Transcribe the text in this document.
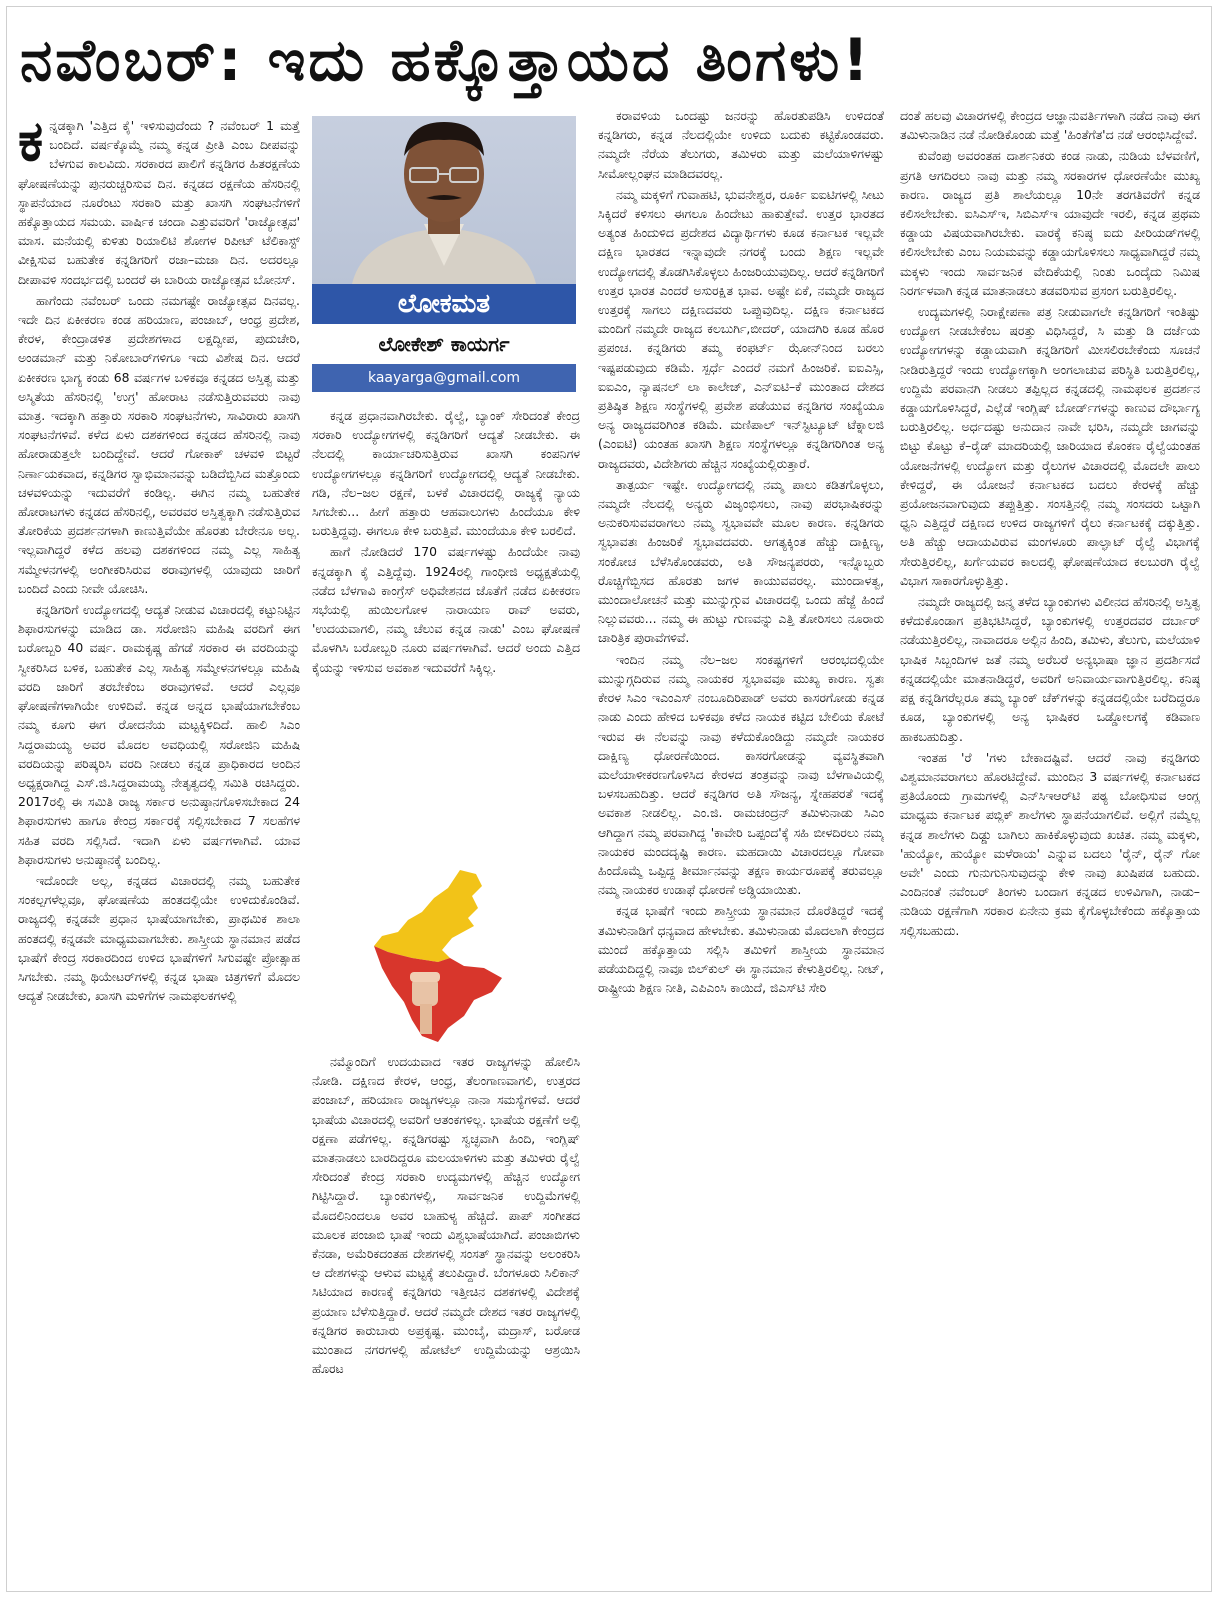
ನವೆಂಬರ್: ಇದು ಹಕ್ಕೊತ್ತಾಯದ ತಿಂಗಳು!

ಕನ್ನಡಕ್ಕಾಗಿ 'ಎತ್ತಿದ ಕೈ' ಇಳಿಸುವುದೆಂದು ? ನವೆಂಬರ್ 1 ಮತ್ತೆ ಬಂದಿದೆ. ವರ್ಷಕ್ಕೊಮ್ಮೆ ನಮ್ಮ ಕನ್ನಡ ಪ್ರೀತಿ ಎಂಬ ದೀಪವನ್ನು ಬೆಳಗುವ ಕಾಲವಿದು. ಸರಕಾರದ ಪಾಲಿಗೆ ಕನ್ನಡಿಗರ ಹಿತರಕ್ಷಣೆಯ ಘೋಷಣೆಯನ್ನು ಪುನರುಚ್ಚರಿಸುವ ದಿನ. ಕನ್ನಡದ ರಕ್ಷಣೆಯ ಹೆಸರಿನಲ್ಲಿ ಸ್ಥಾಪನೆಯಾದ ನೂರೆಂಟು ಸರಕಾರಿ ಮತ್ತು ಖಾಸಗಿ ಸಂಘಟನೆಗಳಿಗೆ ಹಕ್ಕೊತ್ತಾಯದ ಸಮಯ. ವಾರ್ಷಿಕ ಚಂದಾ ಎತ್ತುವವರಿಗೆ 'ರಾಜ್ಯೋತ್ಸವ' ಮಾಸ. ಮನೆಯಲ್ಲಿ ಕುಳಿತು ರಿಯಾಲಿಟಿ ಶೋಗಳ ರಿಪೀಟ್ ಟೆಲಿಕಾಸ್ಟ್ ವೀಕ್ಷಿಸುವ ಬಹುತೇಕ ಕನ್ನಡಿಗರಿಗೆ ರಜಾ–ಮಜಾ ದಿನ. ಅದರಲ್ಲೂ ದೀಪಾವಳಿ ಸಂದರ್ಭದಲ್ಲಿ ಬಂದರೆ ಈ ಬಾರಿಯ ರಾಜ್ಯೋತ್ಸವ ಬೋನಸ್.

ಹಾಗೆಂದು ನವೆಂಬರ್ ಒಂದು ನಮಗಷ್ಟೇ ರಾಜ್ಯೋತ್ಸವ ದಿನವಲ್ಲ. ಇದೇ ದಿನ ಏಕೀಕರಣ ಕಂಡ ಹರಿಯಾಣ, ಪಂಜಾಬ್, ಆಂಧ್ರ ಪ್ರದೇಶ, ಕೇರಳ, ಕೇಂದ್ರಾಡಳಿತ ಪ್ರದೇಶಗಳಾದ ಲಕ್ಷದ್ವೀಪ, ಪುದುಚೇರಿ, ಅಂಡಮಾನ್ ಮತ್ತು ನಿಕೋಬಾರ್‌ಗಳಿಗೂ ಇದು ವಿಶೇಷ ದಿನ. ಆದರೆ ಏಕೀಕರಣ ಭಾಗ್ಯ ಕಂಡು 68 ವರ್ಷಗಳ ಬಳಿಕವೂ ಕನ್ನಡದ ಅಸ್ತಿತ್ವ ಮತ್ತು ಅಸ್ಮಿತೆಯ ಹೆಸರಿನಲ್ಲಿ 'ಉಗ್ರ' ಹೋರಾಟ ನಡೆಸುತ್ತಿರುವವರು ನಾವು ಮಾತ್ರ. ಇದಕ್ಕಾಗಿ ಹತ್ತಾರು ಸರಕಾರಿ ಸಂಘಟನೆಗಳು, ಸಾವಿರಾರು ಖಾಸಗಿ ಸಂಘಟನೆಗಳಿವೆ. ಕಳೆದ ಏಳು ದಶಕಗಳಿಂದ ಕನ್ನಡದ ಹೆಸರಿನಲ್ಲಿ ನಾವು ಹೋರಾಡುತ್ತಲೇ ಬಂದಿದ್ದೇವೆ. ಆದರೆ ಗೋಕಾಕ್ ಚಳವಳಿ ಬಿಟ್ಟರೆ ನಿರ್ಣಾಯಕವಾದ, ಕನ್ನಡಿಗರ ಸ್ವಾಭಿಮಾನವನ್ನು ಬಡಿದೆಬ್ಬಿಸಿದ ಮತ್ತೊಂದು ಚಳವಳಿಯನ್ನು ಇದುವರೆಗೆ ಕಂಡಿಲ್ಲ. ಈಗಿನ ನಮ್ಮ ಬಹುತೇಕ ಹೋರಾಟಗಳು ಕನ್ನಡದ ಹೆಸರಿನಲ್ಲಿ, ಅವರವರ ಅಸ್ತಿತ್ವಕ್ಕಾಗಿ ನಡೆಸುತ್ತಿರುವ ತೋರಿಕೆಯ ಪ್ರದರ್ಶನಗಳಾಗಿ ಕಾಣುತ್ತಿವೆಯೇ ಹೊರತು ಬೇರೇನೂ ಅಲ್ಲ. ಇಲ್ಲವಾಗಿದ್ದರೆ ಕಳೆದ ಹಲವು ದಶಕಗಳಿಂದ ನಮ್ಮ ಎಲ್ಲ ಸಾಹಿತ್ಯ ಸಮ್ಮೇಳನಗಳಲ್ಲಿ ಅಂಗೀಕರಿಸಿರುವ ಠರಾವುಗಳಲ್ಲಿ ಯಾವುದು ಜಾರಿಗೆ ಬಂದಿದೆ ಎಂದು ನೀವೇ ಯೋಚಿಸಿ.

ಕನ್ನಡಿಗರಿಗೆ ಉದ್ಯೋಗದಲ್ಲಿ ಆದ್ಯತೆ ನೀಡುವ ವಿಚಾರದಲ್ಲಿ ಕಟ್ಟುನಿಟ್ಟಿನ ಶಿಫಾರಸುಗಳನ್ನು ಮಾಡಿದ ಡಾ. ಸರೋಜಿನಿ ಮಹಿಷಿ ವರದಿಗೆ ಈಗ ಬರೋಬ್ಬರಿ 40 ವರ್ಷ. ರಾಮಕೃಷ್ಣ ಹೆಗಡೆ ಸರಕಾರ ಈ ವರದಿಯನ್ನು ಸ್ವೀಕರಿಸಿದ ಬಳಿಕ, ಬಹುತೇಕ ಎಲ್ಲ ಸಾಹಿತ್ಯ ಸಮ್ಮೇಳನಗಳಲ್ಲೂ ಮಹಿಷಿ ವರದಿ ಜಾರಿಗೆ ತರಬೇಕೆಂಬ ಠರಾವುಗಳಿವೆ. ಆದರೆ ಎಲ್ಲವೂ ಘೋಷಣೆಗಳಾಗಿಯೇ ಉಳಿದಿವೆ. ಕನ್ನಡ ಅನ್ನದ ಭಾಷೆಯಾಗಬೇಕೆಂಬ ನಮ್ಮ ಕೂಗು ಈಗ ರೋದನೆಯ ಮಟ್ಟಕ್ಕಿಳಿದಿದೆ. ಹಾಲಿ ಸಿಎಂ ಸಿದ್ದರಾಮಯ್ಯ ಅವರ ಮೊದಲ ಅವಧಿಯಲ್ಲಿ ಸರೋಜಿನಿ ಮಹಿಷಿ ವರದಿಯನ್ನು ಪರಿಷ್ಕರಿಸಿ ವರದಿ ನೀಡಲು ಕನ್ನಡ ಪ್ರಾಧಿಕಾರದ ಅಂದಿನ ಅಧ್ಯಕ್ಷರಾಗಿದ್ದ ಎಸ್.ಜಿ.ಸಿದ್ದರಾಮಯ್ಯ ನೇತೃತ್ವದಲ್ಲಿ ಸಮಿತಿ ರಚಿಸಿದ್ದರು. 2017ರಲ್ಲಿ ಈ ಸಮಿತಿ ರಾಜ್ಯ ಸರ್ಕಾರ ಅನುಷ್ಠಾನಗೊಳಿಸಬೇಕಾದ 24 ಶಿಫಾರಸುಗಳು ಹಾಗೂ ಕೇಂದ್ರ ಸರ್ಕಾರಕ್ಕೆ ಸಲ್ಲಿಸಬೇಕಾದ 7 ಸಲಹೆಗಳ ಸಹಿತ ವರದಿ ಸಲ್ಲಿಸಿದೆ. ಇದಾಗಿ ಏಳು ವರ್ಷಗಳಾಗಿವೆ. ಯಾವ ಶಿಫಾರಸುಗಳು ಅನುಷ್ಠಾನಕ್ಕೆ ಬಂದಿಲ್ಲ.

ಇದೊಂದೇ ಅಲ್ಲ, ಕನ್ನಡದ ವಿಚಾರದಲ್ಲಿ ನಮ್ಮ ಬಹುತೇಕ ಸಂಕಲ್ಪಗಳೆಲ್ಲವೂ, ಘೋಷಣೆಯ ಹಂತದಲ್ಲಿಯೇ ಉಳಿದುಕೊಂಡಿವೆ. ರಾಜ್ಯದಲ್ಲಿ ಕನ್ನಡವೇ ಪ್ರಧಾನ ಭಾಷೆಯಾಗಬೇಕು, ಪ್ರಾಥಮಿಕ ಶಾಲಾ ಹಂತದಲ್ಲಿ ಕನ್ನಡವೇ ಮಾಧ್ಯಮವಾಗಬೇಕು. ಶಾಸ್ತ್ರೀಯ ಸ್ಥಾನಮಾನ ಪಡೆದ ಭಾಷೆಗೆ ಕೇಂದ್ರ ಸರಕಾರದಿಂದ ಉಳಿದ ಭಾಷೆಗಳಿಗೆ ಸಿಗುವಷ್ಟೇ ಪ್ರೋತ್ಸಾಹ ಸಿಗಬೇಕು. ನಮ್ಮ ಥಿಯೇಟರ್‌ಗಳಲ್ಲಿ ಕನ್ನಡ ಭಾಷಾ ಚಿತ್ರಗಳಿಗೆ ಮೊದಲ ಆದ್ಯತೆ ನೀಡಬೇಕು, ಖಾಸಗಿ ಮಳಿಗೆಗಳ ನಾಮಫಲಕಗಳಲ್ಲಿ

ಲೋಕಮತ
ಲೋಕೇಶ್ ಕಾಯರ್ಗ
kaayarga@gmail.com

ಕನ್ನಡ ಪ್ರಧಾನವಾಗಿರಬೇಕು. ರೈಲ್ವೆ, ಬ್ಯಾಂಕ್ ಸೇರಿದಂತೆ ಕೇಂದ್ರ ಸರಕಾರಿ ಉದ್ಯೋಗಗಳಲ್ಲಿ ಕನ್ನಡಿಗರಿಗೆ ಆದ್ಯತೆ ನೀಡಬೇಕು. ಈ ನೆಲದಲ್ಲಿ ಕಾರ್ಯಾಚರಿಸುತ್ತಿರುವ ಖಾಸಗಿ ಕಂಪನಿಗಳ ಉದ್ಯೋಗಗಳಲ್ಲೂ ಕನ್ನಡಿಗರಿಗೆ ಉದ್ಯೋಗದಲ್ಲಿ ಆದ್ಯತೆ ನೀಡಬೇಕು. ಗಡಿ, ನೆಲ–ಜಲ ರಕ್ಷಣೆ, ಬಳಕೆ ವಿಚಾರದಲ್ಲಿ ರಾಜ್ಯಕ್ಕೆ ನ್ಯಾಯ ಸಿಗಬೇಕು... ಹೀಗೆ ಹತ್ತಾರು ಆಹವಾಲುಗಳು ಹಿಂದೆಯೂ ಕೇಳಿ ಬರುತ್ತಿದ್ದವು. ಈಗಲೂ ಕೇಳಿ ಬರುತ್ತಿವೆ. ಮುಂದೆಯೂ ಕೇಳಿ ಬರಲಿದೆ.

ಹಾಗೆ ನೋಡಿದರೆ 170 ವರ್ಷಗಳಷ್ಟು ಹಿಂದೆಯೇ ನಾವು ಕನ್ನಡಕ್ಕಾಗಿ ಕೈ ಎತ್ತಿದ್ದೆವು. 1924ರಲ್ಲಿ ಗಾಂಧೀಜಿ ಅಧ್ಯಕ್ಷತೆಯಲ್ಲಿ ನಡೆದ ಬೆಳಗಾವಿ ಕಾಂಗ್ರೆಸ್ ಅಧಿವೇಶನದ ಜೊತೆಗೆ ನಡೆದ ಏಕೀಕರಣ ಸಭೆಯಲ್ಲಿ ಹುಯಿಲಗೋಳ ನಾರಾಯಣ ರಾವ್ ಅವರು, 'ಉದಯವಾಗಲಿ, ನಮ್ಮ ಚೆಲುವ ಕನ್ನಡ ನಾಡು' ಎಂಬ ಘೋಷಣೆ ಮೊಳಗಿಸಿ ಬರೋಬ್ಬರಿ ನೂರು ವರ್ಷಗಳಾಗಿವೆ. ಆದರೆ ಅಂದು ಎತ್ತಿದ ಕೈಯನ್ನು ಇಳಿಸುವ ಅವಕಾಶ ಇದುವರೆಗೆ ಸಿಕ್ಕಿಲ್ಲ.

ನಮ್ಮೊಂದಿಗೆ ಉದಯವಾದ ಇತರ ರಾಜ್ಯಗಳನ್ನು ಹೋಲಿಸಿ ನೋಡಿ. ದಕ್ಷಿಣದ ಕೇರಳ, ಆಂಧ್ರ, ತೆಲಂಗಾಣವಾಗಲಿ, ಉತ್ತರದ ಪಂಜಾಬ್, ಹರಿಯಾಣ ರಾಜ್ಯಗಳಲ್ಲೂ ನಾನಾ ಸಮಸ್ಯೆಗಳಿವೆ. ಆದರೆ ಭಾಷೆಯ ವಿಚಾರದಲ್ಲಿ ಅವರಿಗೆ ಆತಂಕಗಳಿಲ್ಲ. ಭಾಷೆಯ ರಕ್ಷಣೆಗೆ ಅಲ್ಲಿ ರಕ್ಷಣಾ ಪಡೆಗಳಿಲ್ಲ. ಕನ್ನಡಿಗರಷ್ಟು ಸ್ವಚ್ಛವಾಗಿ ಹಿಂದಿ, ಇಂಗ್ಲಿಷ್ ಮಾತನಾಡಲು ಬಾರದಿದ್ದರೂ ಮಲಯಾಳಿಗಳು ಮತ್ತು ತಮಿಳರು ರೈಲ್ವೆ ಸೇರಿದಂತೆ ಕೇಂದ್ರ ಸರಕಾರಿ ಉದ್ಯಮಗಳಲ್ಲಿ ಹೆಚ್ಚಿನ ಉದ್ಯೋಗ ಗಿಟ್ಟಿಸಿದ್ದಾರೆ. ಬ್ಯಾಂಕುಗಳಲ್ಲಿ, ಸಾರ್ವಜನಿಕ ಉದ್ದಿಮೆಗಳಲ್ಲಿ ಮೊದಲಿನಿಂದಲೂ ಅವರ ಬಾಹುಳ್ಯ ಹೆಚ್ಚಿದೆ. ಪಾಪ್ ಸಂಗೀತದ ಮೂಲಕ ಪಂಜಾಬಿ ಭಾಷೆ ಇಂದು ವಿಶ್ವಭಾಷೆಯಾಗಿದೆ. ಪಂಜಾಬಿಗಳು ಕೆನಡಾ, ಅಮೆರಿಕದಂತಹ ದೇಶಗಳಲ್ಲಿ ಸಂಸತ್ ಸ್ಥಾನವನ್ನು ಅಲಂಕರಿಸಿ ಆ ದೇಶಗಳನ್ನು ಆಳುವ ಮಟ್ಟಕ್ಕೆ ತಲುಪಿದ್ದಾರೆ. ಬೆಂಗಳೂರು ಸಿಲಿಕಾನ್ ಸಿಟಿಯಾದ ಕಾರಣಕ್ಕೆ ಕನ್ನಡಿಗರು ಇತ್ತೀಚಿನ ದಶಕಗಳಲ್ಲಿ ವಿದೇಶಕ್ಕೆ ಪ್ರಯಾಣ ಬೆಳೆಸುತ್ತಿದ್ದಾರೆ. ಆದರೆ ನಮ್ಮದೇ ದೇಶದ ಇತರ ರಾಜ್ಯಗಳಲ್ಲಿ ಕನ್ನಡಿಗರ ಕಾರುಬಾರು ಅಪ್ರಕೃಷ್ಟ. ಮುಂಬೈ, ಮದ್ರಾಸ್, ಬರೋಡ ಮುಂತಾದ ನಗರಗಳಲ್ಲಿ ಹೋಟೆಲ್ ಉದ್ದಿಮೆಯನ್ನು ಆಶ್ರಯಿಸಿ ಹೊರಟ

ಕರಾವಳಿಯ ಒಂದಷ್ಟು ಜನರನ್ನು ಹೊರತುಪಡಿಸಿ ಉಳಿದಂತೆ ಕನ್ನಡಿಗರು, ಕನ್ನಡ ನೆಲದಲ್ಲಿಯೇ ಉಳಿದು ಬದುಕು ಕಟ್ಟಿಕೊಂಡವರು. ನಮ್ಮದೇ ನೆರೆಯ ತೆಲುಗರು, ತಮಿಳರು ಮತ್ತು ಮಲೆಯಾಳಿಗಳಷ್ಟು ಸೀಮೋಲ್ಲಂಘನ ಮಾಡಿದವರಲ್ಲ.

ನಮ್ಮ ಮಕ್ಕಳಿಗೆ ಗುವಾಹಟಿ, ಭುವನೇಶ್ವರ, ರೂರ್ಕಿ ಐಐಟಿಗಳಲ್ಲಿ ಸೀಟು ಸಿಕ್ಕಿದರೆ ಕಳಿಸಲು ಈಗಲೂ ಹಿಂದೇಟು ಹಾಕುತ್ತೇವೆ. ಉತ್ತರ ಭಾರತದ ಅತ್ಯಂತ ಹಿಂದುಳಿದ ಪ್ರದೇಶದ ವಿದ್ಯಾರ್ಥಿಗಳು ಕೂಡ ಕರ್ನಾಟಕ ಇಲ್ಲವೇ ದಕ್ಷಿಣ ಭಾರತದ ಇನ್ನಾವುದೇ ನಗರಕ್ಕೆ ಬಂದು ಶಿಕ್ಷಣ ಇಲ್ಲವೇ ಉದ್ಯೋಗದಲ್ಲಿ ತೊಡಗಿಸಿಕೊಳ್ಳಲು ಹಿಂಜರಿಯುವುದಿಲ್ಲ. ಆದರೆ ಕನ್ನಡಿಗರಿಗೆ ಉತ್ತರ ಭಾರತ ಎಂದರೆ ಅಸುರಕ್ಷಿತ ಭಾವ. ಅಷ್ಟೇ ಏಕೆ, ನಮ್ಮದೇ ರಾಜ್ಯದ ಉತ್ತರಕ್ಕೆ ಸಾಗಲು ದಕ್ಷಿಣದವರು ಒಪ್ಪುವುದಿಲ್ಲ. ದಕ್ಷಿಣ ಕರ್ನಾಟಕದ ಮಂದಿಗೆ ನಮ್ಮದೇ ರಾಜ್ಯದ ಕಲಬುರ್ಗಿ,ಬೀದರ್, ಯಾದಗಿರಿ ಕೂಡ ಹೊರ ಪ್ರಪಂಚ. ಕನ್ನಡಿಗರು ತಮ್ಮ ಕಂಫರ್ಟ್ ಝೋನ್‌ನಿಂದ ಬರಲು ಇಷ್ಟಪಡುವುದು ಕಡಿಮೆ. ಸ್ಪರ್ಧೆ ಎಂದರೆ ನಮಗೆ ಹಿಂಜರಿಕೆ. ಐಐಎಸ್ಸಿ, ಐಐಎಂ, ನ್ಯಾಷನಲ್ ಲಾ ಕಾಲೇಜ್, ಎನ್‌ಐಟಿ–ಕೆ ಮುಂತಾದ ದೇಶದ ಪ್ರತಿಷ್ಠಿತ ಶಿಕ್ಷಣ ಸಂಸ್ಥೆಗಳಲ್ಲಿ ಪ್ರವೇಶ ಪಡೆಯುವ ಕನ್ನಡಿಗರ ಸಂಖ್ಯೆಯೂ ಅನ್ಯ ರಾಜ್ಯದವರಿಗಿಂತ ಕಡಿಮೆ. ಮಣಿಪಾಲ್ ಇನ್‌ಸ್ಟಿಟ್ಯೂಟ್ ಟೆಕ್ನಾಲಜಿ (ಎಂಐಟಿ) ಯಂತಹ ಖಾಸಗಿ ಶಿಕ್ಷಣ ಸಂಸ್ಥೆಗಳಲ್ಲೂ ಕನ್ನಡಿಗರಿಗಿಂತ ಅನ್ಯ ರಾಜ್ಯದವರು, ವಿದೇಶಿಗರು ಹೆಚ್ಚಿನ ಸಂಖ್ಯೆಯಲ್ಲಿರುತ್ತಾರೆ.

ತಾತ್ಪರ್ಯ ಇಷ್ಟೇ. ಉದ್ಯೋಗದಲ್ಲಿ ನಮ್ಮ ಪಾಲು ಕಡಿತಗೊಳ್ಳಲು, ನಮ್ಮದೇ ನೆಲದಲ್ಲಿ ಅನ್ಯರು ವಿಜೃಂಭಿಸಲು, ನಾವು ಪರಭಾಷಿಕರನ್ನು ಅನುಕರಿಸುವವರಾಗಲು ನಮ್ಮ ಸ್ವಭಾವವೇ ಮೂಲ ಕಾರಣ. ಕನ್ನಡಿಗರು ಸ್ವಭಾವತಃ ಹಿಂಜರಿಕೆ ಸ್ವಭಾವದವರು. ಆಗತ್ಯಕ್ಕಿಂತ ಹೆಚ್ಚು ದಾಕ್ಷಿಣ್ಯ, ಸಂಕೋಚ ಬೆಳೆಸಿಕೊಂಡವರು, ಅತಿ ಸೌಜನ್ಯಪರರು, ಇನ್ನೊಬ್ಬರು ರೊಚ್ಚಿಗೆಬ್ಬಿಸದ ಹೊರತು ಜಗಳ ಕಾಯುವವರಲ್ಲ. ಮುಂದಾಳತ್ವ, ಮುಂದಾಲೋಚನೆ ಮತ್ತು ಮುನ್ನುಗ್ಗುವ ವಿಚಾರದಲ್ಲಿ ಒಂದು ಹೆಜ್ಜೆ ಹಿಂದೆ ನಿಲ್ಲುವವರು... ನಮ್ಮ ಈ ಹುಟ್ಟು ಗುಣವನ್ನು ಎತ್ತಿ ತೋರಿಸಲು ನೂರಾರು ಚಾರಿತ್ರಿಕ ಪುರಾವೆಗಳಿವೆ.

ಇಂದಿನ ನಮ್ಮ ನೆಲ–ಜಲ ಸಂಕಷ್ಟಗಳಿಗೆ ಆರಂಭದಲ್ಲಿಯೇ ಮುನ್ನುಗ್ಗದಿರುವ ನಮ್ಮ ನಾಯಕರ ಸ್ವಭಾವವೂ ಮುಖ್ಯ ಕಾರಣ. ಸ್ವತಃ ಕೇರಳ ಸಿಎಂ ಇಎಂಎಸ್ ನಂಬೂದಿರಿಪಾಡ್ ಅವರು ಕಾಸರಗೋಡು ಕನ್ನಡ ನಾಡು ಎಂದು ಹೇಳಿದ ಬಳಿಕವೂ ಕಳೆದ ನಾಯಕ ಕಟ್ಟಿದ ಬೇಲಿಯ ಕೋಟೆ ಇರುವ ಈ ನೆಲವನ್ನು ನಾವು ಕಳೆದುಕೊಂಡಿದ್ದು ನಮ್ಮದೇ ನಾಯಕರ ದಾಕ್ಷಿಣ್ಯ ಧೋರಣೆಯಿಂದ. ಕಾಸರಗೋಡನ್ನು ವ್ಯವಸ್ಥಿತವಾಗಿ ಮಲೆಯಾಳೀಕರಣಗೊಳಿಸಿದ ಕೇರಳದ ತಂತ್ರವನ್ನು ನಾವು ಬೆಳಗಾವಿಯಲ್ಲಿ ಬಳಸಬಹುದಿತ್ತು. ಆದರೆ ಕನ್ನಡಿಗರ ಅತಿ ಸೌಜನ್ಯ, ಸ್ನೇಹಪರತೆ ಇದಕ್ಕೆ ಅವಕಾಶ ನೀಡಲಿಲ್ಲ. ಎಂ.ಜಿ. ರಾಮಚಂದ್ರನ್ ತಮಿಳುನಾಡು ಸಿಎಂ ಆಗಿದ್ದಾಗ ನಮ್ಮ ಪರವಾಗಿದ್ದ 'ಕಾವೇರಿ ಒಪ್ಪಂದ'ಕ್ಕೆ ಸಹಿ ಬೀಳದಿರಲು ನಮ್ಮ ನಾಯಕರ ಮಂದದೃಷ್ಟಿ ಕಾರಣ. ಮಹದಾಯಿ ವಿಚಾರದಲ್ಲೂ ಗೋವಾ ಹಿಂದೊಮ್ಮೆ ಒಪ್ಪಿದ್ದ ತೀರ್ಮಾನವನ್ನು ತಕ್ಷಣ ಕಾರ್ಯರೂಪಕ್ಕೆ ತರುವಲ್ಲೂ ನಮ್ಮ ನಾಯಕರ ಉಡಾಫೆ ಧೋರಣೆ ಅಡ್ಡಿಯಾಯಿತು.

ಕನ್ನಡ ಭಾಷೆಗೆ ಇಂದು ಶಾಸ್ತ್ರೀಯ ಸ್ಥಾನಮಾನ ದೊರೆತಿದ್ದರೆ ಇದಕ್ಕೆ ತಮಿಳುನಾಡಿಗೆ ಧನ್ಯವಾದ ಹೇಳಬೇಕು. ತಮಿಳುನಾಡು ಮೊದಲಾಗಿ ಕೇಂದ್ರದ ಮುಂದೆ ಹಕ್ಕೊತ್ತಾಯ ಸಲ್ಲಿಸಿ ತಮಿಳಿಗೆ ಶಾಸ್ತ್ರೀಯ ಸ್ಥಾನಮಾನ ಪಡೆಯದಿದ್ದಲ್ಲಿ ನಾವೂ ಬಿಲ್‌ಕುಲ್ ಈ ಸ್ಥಾನಮಾನ ಕೇಳುತ್ತಿರಲಿಲ್ಲ. ನೀಟ್, ರಾಷ್ಟ್ರೀಯ ಶಿಕ್ಷಣ ನೀತಿ, ಎಪಿಎಂಸಿ ಕಾಯಿದೆ, ಜಿಎಸ್‌ಟಿ ಸೇರಿ

ದಂತೆ ಹಲವು ವಿಚಾರಗಳಲ್ಲಿ ಕೇಂದ್ರದ ಆಜ್ಞಾನುವರ್ತಿಗಳಾಗಿ ನಡೆದ ನಾವು ಈಗ ತಮಿಳುನಾಡಿನ ನಡೆ ನೋಡಿಕೊಂಡು ಮತ್ತೆ 'ಹಿಂತೆಗೆತ'ದ ನಡೆ ಆರಂಭಿಸಿದ್ದೇವೆ.

ಕುವೆಂಪು ಅವರಂತಹ ದಾರ್ಶನಿಕರು ಕಂಡ ನಾಡು, ನುಡಿಯ ಬೆಳವಣಿಗೆ, ಪ್ರಗತಿ ಆಗದಿರಲು ನಾವು ಮತ್ತು ನಮ್ಮ ಸರಕಾರಗಳ ಧೋರಣೆಯೇ ಮುಖ್ಯ ಕಾರಣ. ರಾಜ್ಯದ ಪ್ರತಿ ಶಾಲೆಯಲ್ಲೂ 10ನೇ ತರಗತಿವರೆಗೆ ಕನ್ನಡ ಕಲಿಸಲೇಬೇಕು. ಐಸಿಎಸ್‌ಇ, ಸಿಬಿಎಸ್‌ಇ ಯಾವುದೇ ಇರಲಿ, ಕನ್ನಡ ಪ್ರಥಮ ಕಡ್ಡಾಯ ವಿಷಯವಾಗಿರಬೇಕು. ವಾರಕ್ಕೆ ಕನಿಷ್ಠ ಐದು ಪೀರಿಯಡ್‌ಗಳಲ್ಲಿ ಕಲಿಸಲೇಬೇಕು ಎಂಬ ನಿಯಮವನ್ನು ಕಡ್ಡಾಯಗೊಳಿಸಲು ಸಾಧ್ಯವಾಗಿದ್ದರೆ ನಮ್ಮ ಮಕ್ಕಳು ಇಂದು ಸಾರ್ವಜನಿಕ ವೇದಿಕೆಯಲ್ಲಿ ನಿಂತು ಒಂದೈದು ನಿಮಿಷ ನಿರರ್ಗಳವಾಗಿ ಕನ್ನಡ ಮಾತನಾಡಲು ತಡವರಿಸುವ ಪ್ರಸಂಗ ಬರುತ್ತಿರಲಿಲ್ಲ.

ಉದ್ಯಮಗಳಲ್ಲಿ ನಿರಾಕ್ಷೇಪಣಾ ಪತ್ರ ನೀಡುವಾಗಲೇ ಕನ್ನಡಿಗರಿಗೆ ಇಂತಿಷ್ಟು ಉದ್ಯೋಗ ನೀಡಬೇಕೆಂಬ ಷರತ್ತು ವಿಧಿಸಿದ್ದರೆ, ಸಿ ಮತ್ತು ಡಿ ದರ್ಜೆಯ ಉದ್ಯೋಗಗಳನ್ನು ಕಡ್ಡಾಯವಾಗಿ ಕನ್ನಡಿಗರಿಗೆ ಮೀಸಲಿರಬೇಕೆಂದು ಸೂಚನೆ ನೀಡಿರುತ್ತಿದ್ದರೆ ಇಂದು ಉದ್ಯೋಗಕ್ಕಾಗಿ ಅಂಗಲಾಚುವ ಪರಿಸ್ಥಿತಿ ಬರುತ್ತಿರಲಿಲ್ಲ, ಉದ್ದಿಮೆ ಪರವಾನಗಿ ನೀಡಲು ತಪ್ಪಿಲ್ಲದ ಕನ್ನಡದಲ್ಲಿ ನಾಮಫಲಕ ಪ್ರದರ್ಶನ ಕಡ್ಡಾಯಗೊಳಿಸಿದ್ದರೆ, ಎಲ್ಲೆಡೆ ಇಂಗ್ಲಿಷ್ ಬೋರ್ಡ್‌ಗಳನ್ನು ಕಾಣುವ ದೌರ್ಭಾಗ್ಯ ಬರುತ್ತಿರಲಿಲ್ಲ. ಅರ್ಧದಷ್ಟು ಅನುದಾನ ನಾವೇ ಭರಿಸಿ, ನಮ್ಮದೇ ಜಾಗವನ್ನು ಬಿಟ್ಟು ಕೊಟ್ಟು ಕೆ–ರೈಡ್ ಮಾದರಿಯಲ್ಲಿ ಜಾರಿಯಾದ ಕೊಂಕಣ ರೈಲ್ವೆಯಂತಹ ಯೋಜನೆಗಳಲ್ಲಿ ಉದ್ಯೋಗ ಮತ್ತು ರೈಲುಗಳ ವಿಚಾರದಲ್ಲಿ ಮೊದಲೇ ಪಾಲು ಕೇಳಿದ್ದರೆ, ಈ ಯೋಜನೆ ಕರ್ನಾಟಕದ ಬದಲು ಕೇರಳಕ್ಕೆ ಹೆಚ್ಚು ಪ್ರಯೋಜನವಾಗುವುದು ತಪ್ಪುತ್ತಿತ್ತು. ಸಂಸತ್ತಿನಲ್ಲಿ ನಮ್ಮ ಸಂಸದರು ಒಟ್ಟಾಗಿ ಧ್ವನಿ ಎತ್ತಿದ್ದರೆ ದಕ್ಷಿಣದ ಉಳಿದ ರಾಜ್ಯಗಳಿಗೆ ರೈಲು ಕರ್ನಾಟಕಕ್ಕೆ ದಕ್ಕುತ್ತಿತ್ತು. ಅತಿ ಹೆಚ್ಚು ಆದಾಯವಿರುವ ಮಂಗಳೂರು ಪಾಲ್ಘಾಟ್ ರೈಲ್ವೆ ವಿಭಾಗಕ್ಕೆ ಸೇರುತ್ತಿರಲಿಲ್ಲ, ಖರ್ಗೆಯವರ ಕಾಲದಲ್ಲಿ ಘೋಷಣೆಯಾದ ಕಲಬುರಗಿ ರೈಲ್ವೆ ವಿಭಾಗ ಸಾಕಾರಗೊಳ್ಳುತ್ತಿತ್ತು.

ನಮ್ಮದೇ ರಾಜ್ಯದಲ್ಲಿ ಜನ್ಮ ತಳೆದ ಬ್ಯಾಂಕುಗಳು ವಿಲೀನದ ಹೆಸರಿನಲ್ಲಿ ಅಸ್ತಿತ್ವ ಕಳೆದುಕೊಂಡಾಗ ಪ್ರತಿಭಟಿಸಿದ್ದರೆ, ಬ್ಯಾಂಕುಗಳಲ್ಲಿ ಉತ್ತರದವರ ದರ್ಬಾರ್ ನಡೆಯುತ್ತಿರಲಿಲ್ಲ, ನಾವಾದರೂ ಅಲ್ಲಿನ ಹಿಂದಿ, ತಮಿಳು, ತೆಲುಗು, ಮಲೆಯಾಳಿ ಭಾಷಿಕ ಸಿಬ್ಬಂದಿಗಳ ಜತೆ ನಮ್ಮ ಅರೆಬರೆ ಅನ್ಯಭಾಷಾ ಜ್ಞಾನ ಪ್ರದರ್ಶಿಸದೆ ಕನ್ನಡದಲ್ಲಿಯೇ ಮಾತನಾಡಿದ್ದರೆ, ಅವರಿಗೆ ಅನಿವಾರ್ಯವಾಗುತ್ತಿರಲಿಲ್ಲ. ಕನಿಷ್ಠ ಪಕ್ಷ ಕನ್ನಡಿಗರೆಲ್ಲರೂ ತಮ್ಮ ಬ್ಯಾಂಕ್ ಚೆಕ್‌ಗಳನ್ನು ಕನ್ನಡದಲ್ಲಿಯೇ ಬರೆದಿದ್ದರೂ ಕೂಡ, ಬ್ಯಾಂಕುಗಳಲ್ಲಿ ಅನ್ಯ ಭಾಷಿಕರ ಒಡ್ಡೋಲಗಕ್ಕೆ ಕಡಿವಾಣ ಹಾಕಬಹುದಿತ್ತು.

ಇಂತಹ 'ರೆ 'ಗಳು ಬೇಕಾದಷ್ಟಿವೆ. ಆದರೆ ನಾವು ಕನ್ನಡಿಗರು ವಿಶ್ವಮಾನವರಾಗಲು ಹೊರಟಿದ್ದೇವೆ. ಮುಂದಿನ 3 ವರ್ಷಗಳಲ್ಲಿ ಕರ್ನಾಟಕದ ಪ್ರತಿಯೊಂದು ಗ್ರಾಮಗಳಲ್ಲಿ ಎನ್‌ಸಿಇಆರ್‌ಟಿ ಪಠ್ಯ ಬೋಧಿಸುವ ಆಂಗ್ಲ ಮಾಧ್ಯಮ ಕರ್ನಾಟಕ ಪಬ್ಲಿಕ್ ಶಾಲೆಗಳು ಸ್ಥಾಪನೆಯಾಗಲಿವೆ. ಅಲ್ಲಿಗೆ ನಮ್ಮೆಲ್ಲ ಕನ್ನಡ ಶಾಲೆಗಳು ದಿಢ್ಡು ಬಾಗಿಲು ಹಾಕಿಕೊಳ್ಳುವುದು ಖಚಿತ. ನಮ್ಮ ಮಕ್ಕಳು, 'ಹುಯ್ಯೋ, ಹುಯ್ಯೋ ಮಳೆರಾಯ' ಎನ್ನುವ ಬದಲು 'ರೈನ್, ರೈನ್ ಗೋ ಅವೇ' ಎಂದು ಗುನುಗುನಿಸುವುದನ್ನು ಕೇಳಿ ನಾವು ಖುಷಿಪಡ ಬಹುದು. ಎಂದಿನಂತೆ ನವೆಂಬರ್ ತಿಂಗಳು ಬಂದಾಗ ಕನ್ನಡದ ಉಳಿವಿಗಾಗಿ, ನಾಡು–ನುಡಿಯ ರಕ್ಷಣೆಗಾಗಿ ಸರಕಾರ ಏನೇನು ಕ್ರಮ ಕೈಗೊಳ್ಳಬೇಕೆಂದು ಹಕ್ಕೊತ್ತಾಯ ಸಲ್ಲಿಸಬಹುದು.
